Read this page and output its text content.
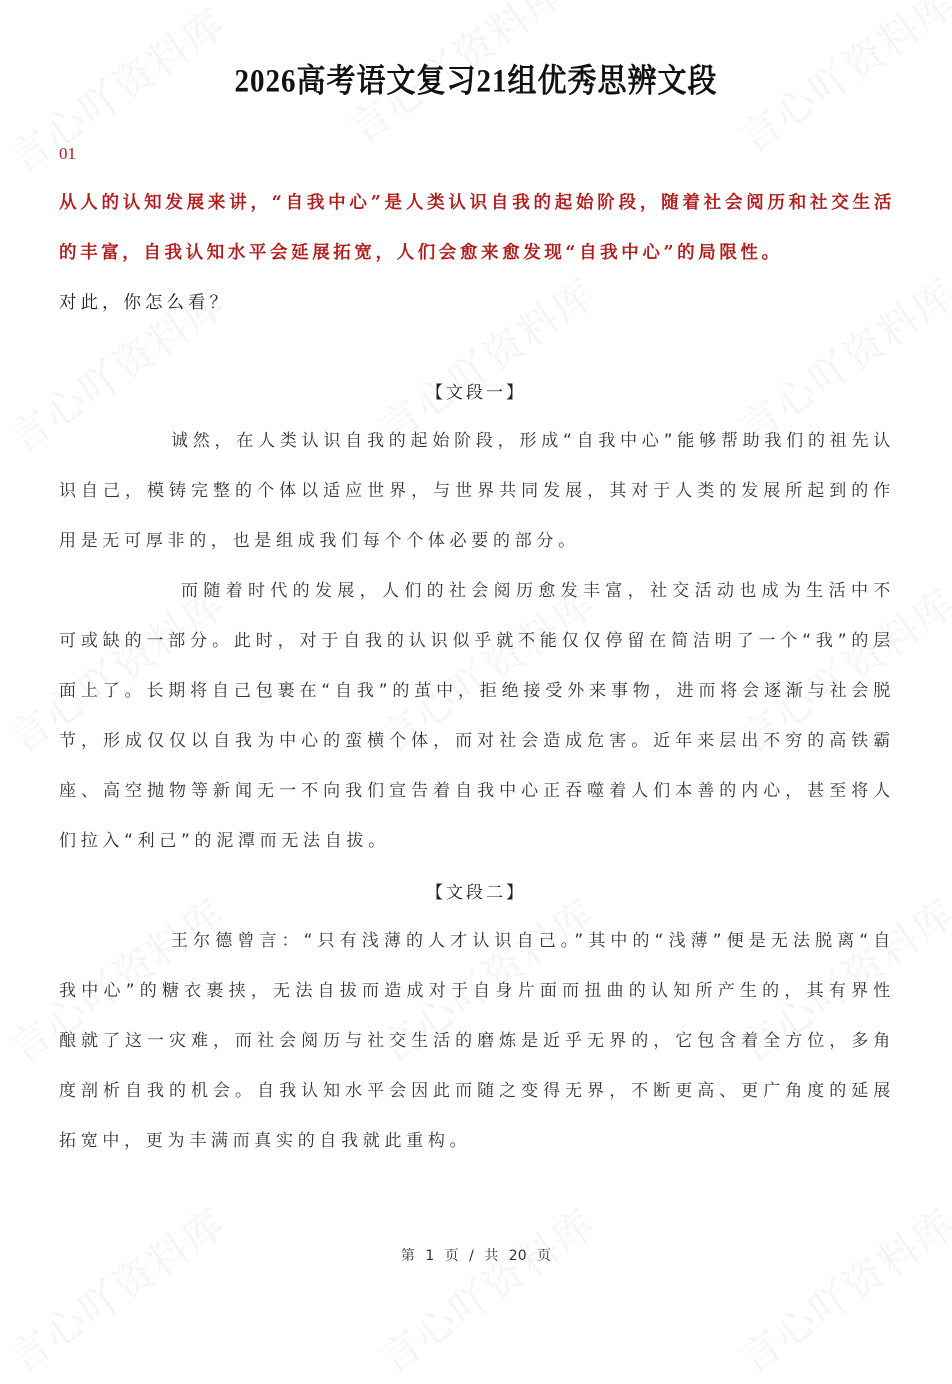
2026高考语文复习21组优秀思辨文段
01
从人的认知发展来讲，“自我中心”是人类认识自我的起始阶段，随着社会阅历和社交生活的丰富，自我认知水平会延展拓宽，人们会愈来愈发现“自我中心”的局限性。
对此，你怎么看？
【文段一】

诚然，在人类认识自我的起始阶段，形成“自我中心”能够帮助我们的祖先认识自己，模铸完整的个体以适应世界，与世界共同发展，其对于人类的发展所起到的作用是无可厚非的，也是组成我们每个个体必要的部分。

而随着时代的发展，人们的社会阅历愈发丰富，社交活动也成为生活中不可或缺的一部分。此时，对于自我的认识似乎就不能仅仅停留在简洁明了一个“我”的层面上了。长期将自己包裹在“自我”的茧中，拒绝接受外来事物，进而将会逐渐与社会脱节，形成仅仅以自我为中心的蛮横个体，而对社会造成危害。近年来层出不穷的高铁霸座、高空抛物等新闻无一不向我们宣告着自我中心正吞噬着人们本善的内心，甚至将人们拉入“利己”的泥潭而无法自拔。

【文段二】

王尔德曾言：“只有浅薄的人才认识自己。”其中的“浅薄”便是无法脱离“自我中心”的糖衣裹挟，无法自拔而造成对于自身片面而扭曲的认知所产生的，其有界性酿就了这一灾难，而社会阅历与社交生活的磨炼是近乎无界的，它包含着全方位，多角度剖析自我的机会。自我认知水平会因此而随之变得无界，不断更高、更广角度的延展拓宽中，更为丰满而真实的自我就此重构。

第 1 页 / 共 20 页
